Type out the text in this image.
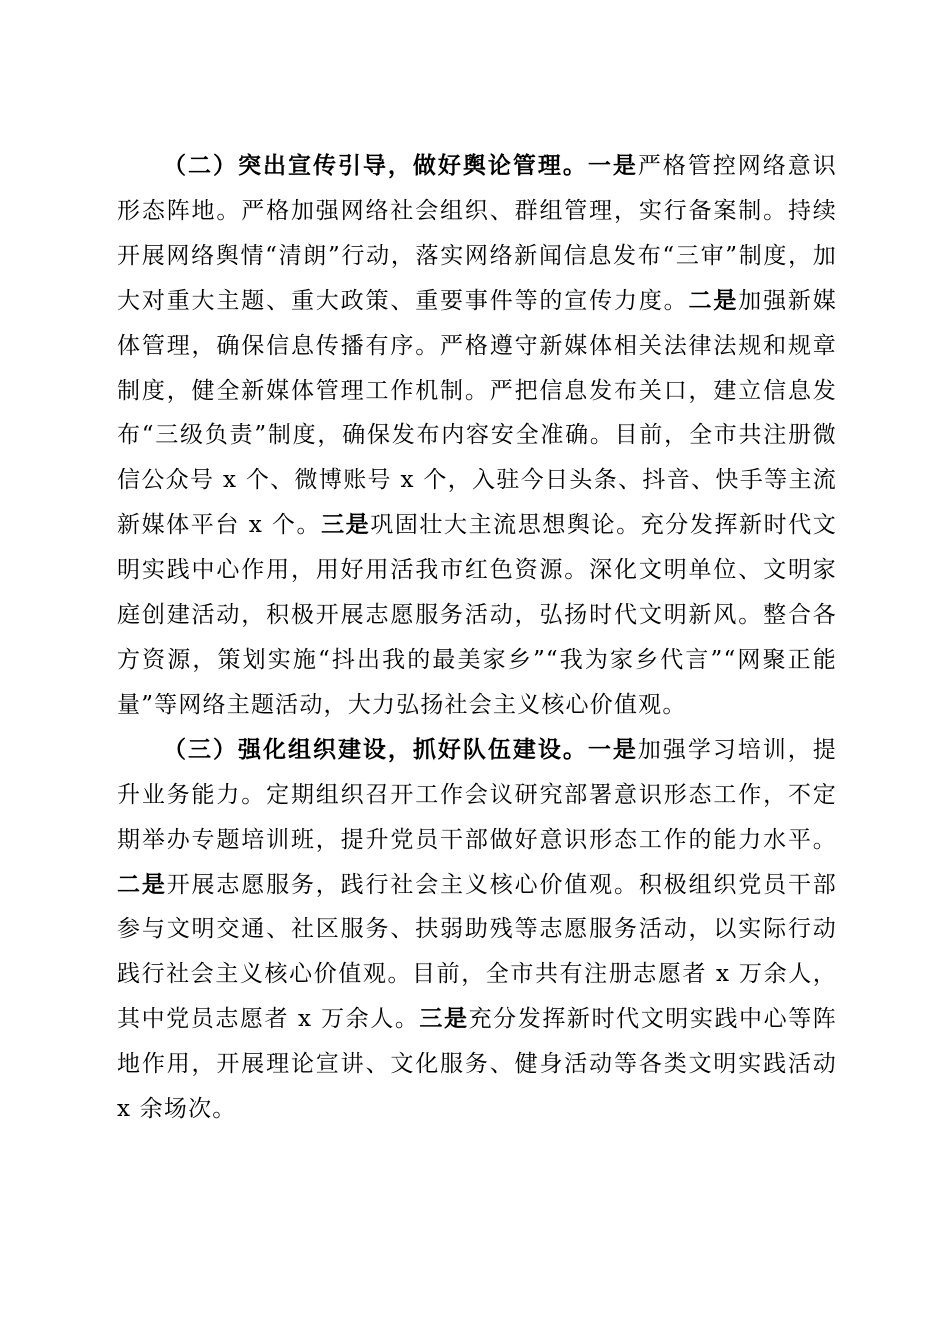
（二）突出宣传引导，做好舆论管理。一是严格管控网络意识形态阵地。严格加强网络社会组织、群组管理，实行备案制。持续开展网络舆情“清朗”行动，落实网络新闻信息发布“三审”制度，加大对重大主题、重大政策、重要事件等的宣传力度。二是加强新媒体管理，确保信息传播有序。严格遵守新媒体相关法律法规和规章制度，健全新媒体管理工作机制。严把信息发布关口，建立信息发布“三级负责”制度，确保发布内容安全准确。目前，全市共注册微信公众号 x 个、微博账号 x 个，入驻今日头条、抖音、快手等主流新媒体平台 x 个。三是巩固壮大主流思想舆论。充分发挥新时代文明实践中心作用，用好用活我市红色资源。深化文明单位、文明家庭创建活动，积极开展志愿服务活动，弘扬时代文明新风。整合各方资源，策划实施“抖出我的最美家乡”“我为家乡代言”“网聚正能量”等网络主题活动，大力弘扬社会主义核心价值观。

（三）强化组织建设，抓好队伍建设。一是加强学习培训，提升业务能力。定期组织召开工作会议研究部署意识形态工作，不定期举办专题培训班，提升党员干部做好意识形态工作的能力水平。二是开展志愿服务，践行社会主义核心价值观。积极组织党员干部参与文明交通、社区服务、扶弱助残等志愿服务活动，以实际行动践行社会主义核心价值观。目前，全市共有注册志愿者 x 万余人，其中党员志愿者 x 万余人。三是充分发挥新时代文明实践中心等阵地作用，开展理论宣讲、文化服务、健身活动等各类文明实践活动 x 余场次。
